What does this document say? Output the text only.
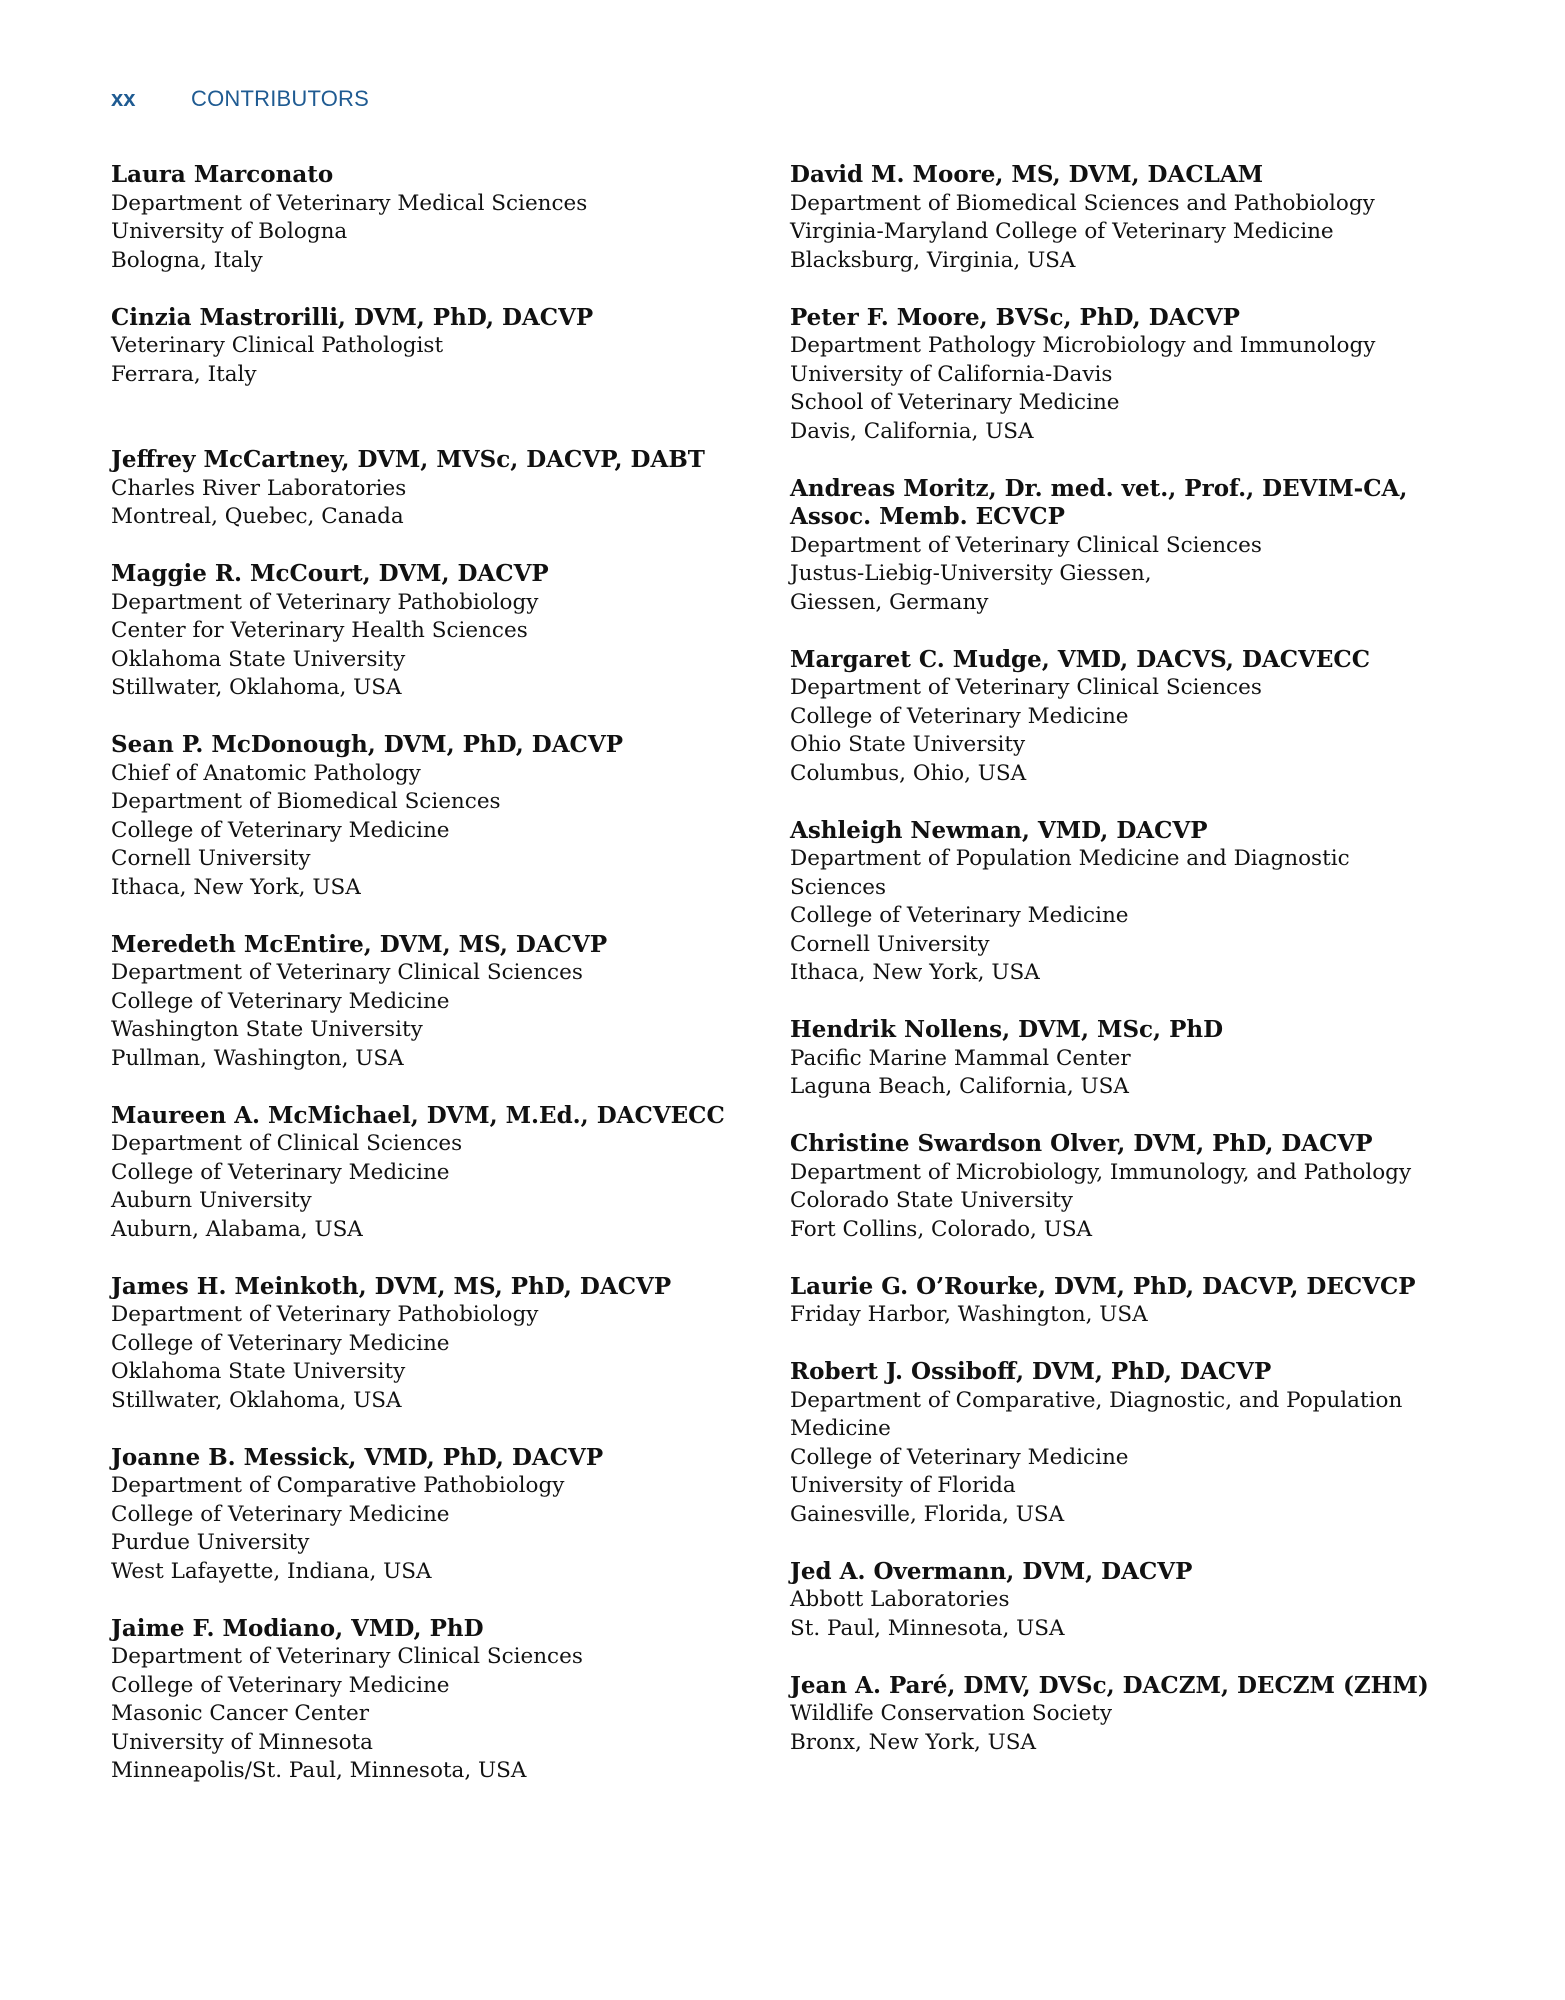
xx	CONTRIBUTORS
Laura Marconato
Department of Veterinary Medical Sciences
University of Bologna
Bologna, Italy
Cinzia Mastrorilli, DVM, PhD, DACVP
Veterinary Clinical Pathologist
Ferrara, Italy

Jeffrey McCartney, DVM, MVSc, DACVP, DABT
Charles River Laboratories
Montreal, Quebec, Canada
Maggie R. McCourt, DVM, DACVP
Department of Veterinary Pathobiology
Center for Veterinary Health Sciences
Oklahoma State University
Stillwater, Oklahoma, USA
Sean P. McDonough, DVM, PhD, DACVP
Chief of Anatomic Pathology
Department of Biomedical Sciences
College of Veterinary Medicine
Cornell University
Ithaca, New York, USA
Meredeth McEntire, DVM, MS, DACVP
Department of Veterinary Clinical Sciences
College of Veterinary Medicine
Washington State University
Pullman, Washington, USA
Maureen A. McMichael, DVM, M.Ed., DACVECC
Department of Clinical Sciences
College of Veterinary Medicine
Auburn University
Auburn, Alabama, USA
James H. Meinkoth, DVM, MS, PhD, DACVP
Department of Veterinary Pathobiology
College of Veterinary Medicine
Oklahoma State University
Stillwater, Oklahoma, USA
Joanne B. Messick, VMD, PhD, DACVP
Department of Comparative Pathobiology
College of Veterinary Medicine
Purdue University
West Lafayette, Indiana, USA
Jaime F. Modiano, VMD, PhD
Department of Veterinary Clinical Sciences
College of Veterinary Medicine
Masonic Cancer Center
University of Minnesota
Minneapolis/St. Paul, Minnesota, USA
David M. Moore, MS, DVM, DACLAM
Department of Biomedical Sciences and Pathobiology
Virginia-Maryland College of Veterinary Medicine
Blacksburg, Virginia, USA
Peter F. Moore, BVSc, PhD, DACVP
Department Pathology Microbiology and Immunology
University of California-Davis
School of Veterinary Medicine
Davis, California, USA
Andreas Moritz, Dr. med. vet., Prof., DEVIM-CA,
Assoc. Memb. ECVCP
Department of Veterinary Clinical Sciences
Justus-Liebig-University Giessen,
Giessen, Germany
Margaret C. Mudge, VMD, DACVS, DACVECC
Department of Veterinary Clinical Sciences
College of Veterinary Medicine
Ohio State University
Columbus, Ohio, USA
Ashleigh Newman, VMD, DACVP
Department of Population Medicine and Diagnostic
Sciences
College of Veterinary Medicine
Cornell University
Ithaca, New York, USA
Hendrik Nollens, DVM, MSc, PhD
Pacific Marine Mammal Center
Laguna Beach, California, USA
Christine Swardson Olver, DVM, PhD, DACVP
Department of Microbiology, Immunology, and Pathology
Colorado State University
Fort Collins, Colorado, USA
Laurie G. O’Rourke, DVM, PhD, DACVP, DECVCP
Friday Harbor, Washington, USA
Robert J. Ossiboff, DVM, PhD, DACVP
Department of Comparative, Diagnostic, and Population
Medicine
College of Veterinary Medicine
University of Florida
Gainesville, Florida, USA
Jed A. Overmann, DVM, DACVP
Abbott Laboratories
St. Paul, Minnesota, USA
Jean A. Paré, DMV, DVSc, DACZM, DECZM (ZHM)
Wildlife Conservation Society
Bronx, New York, USA
